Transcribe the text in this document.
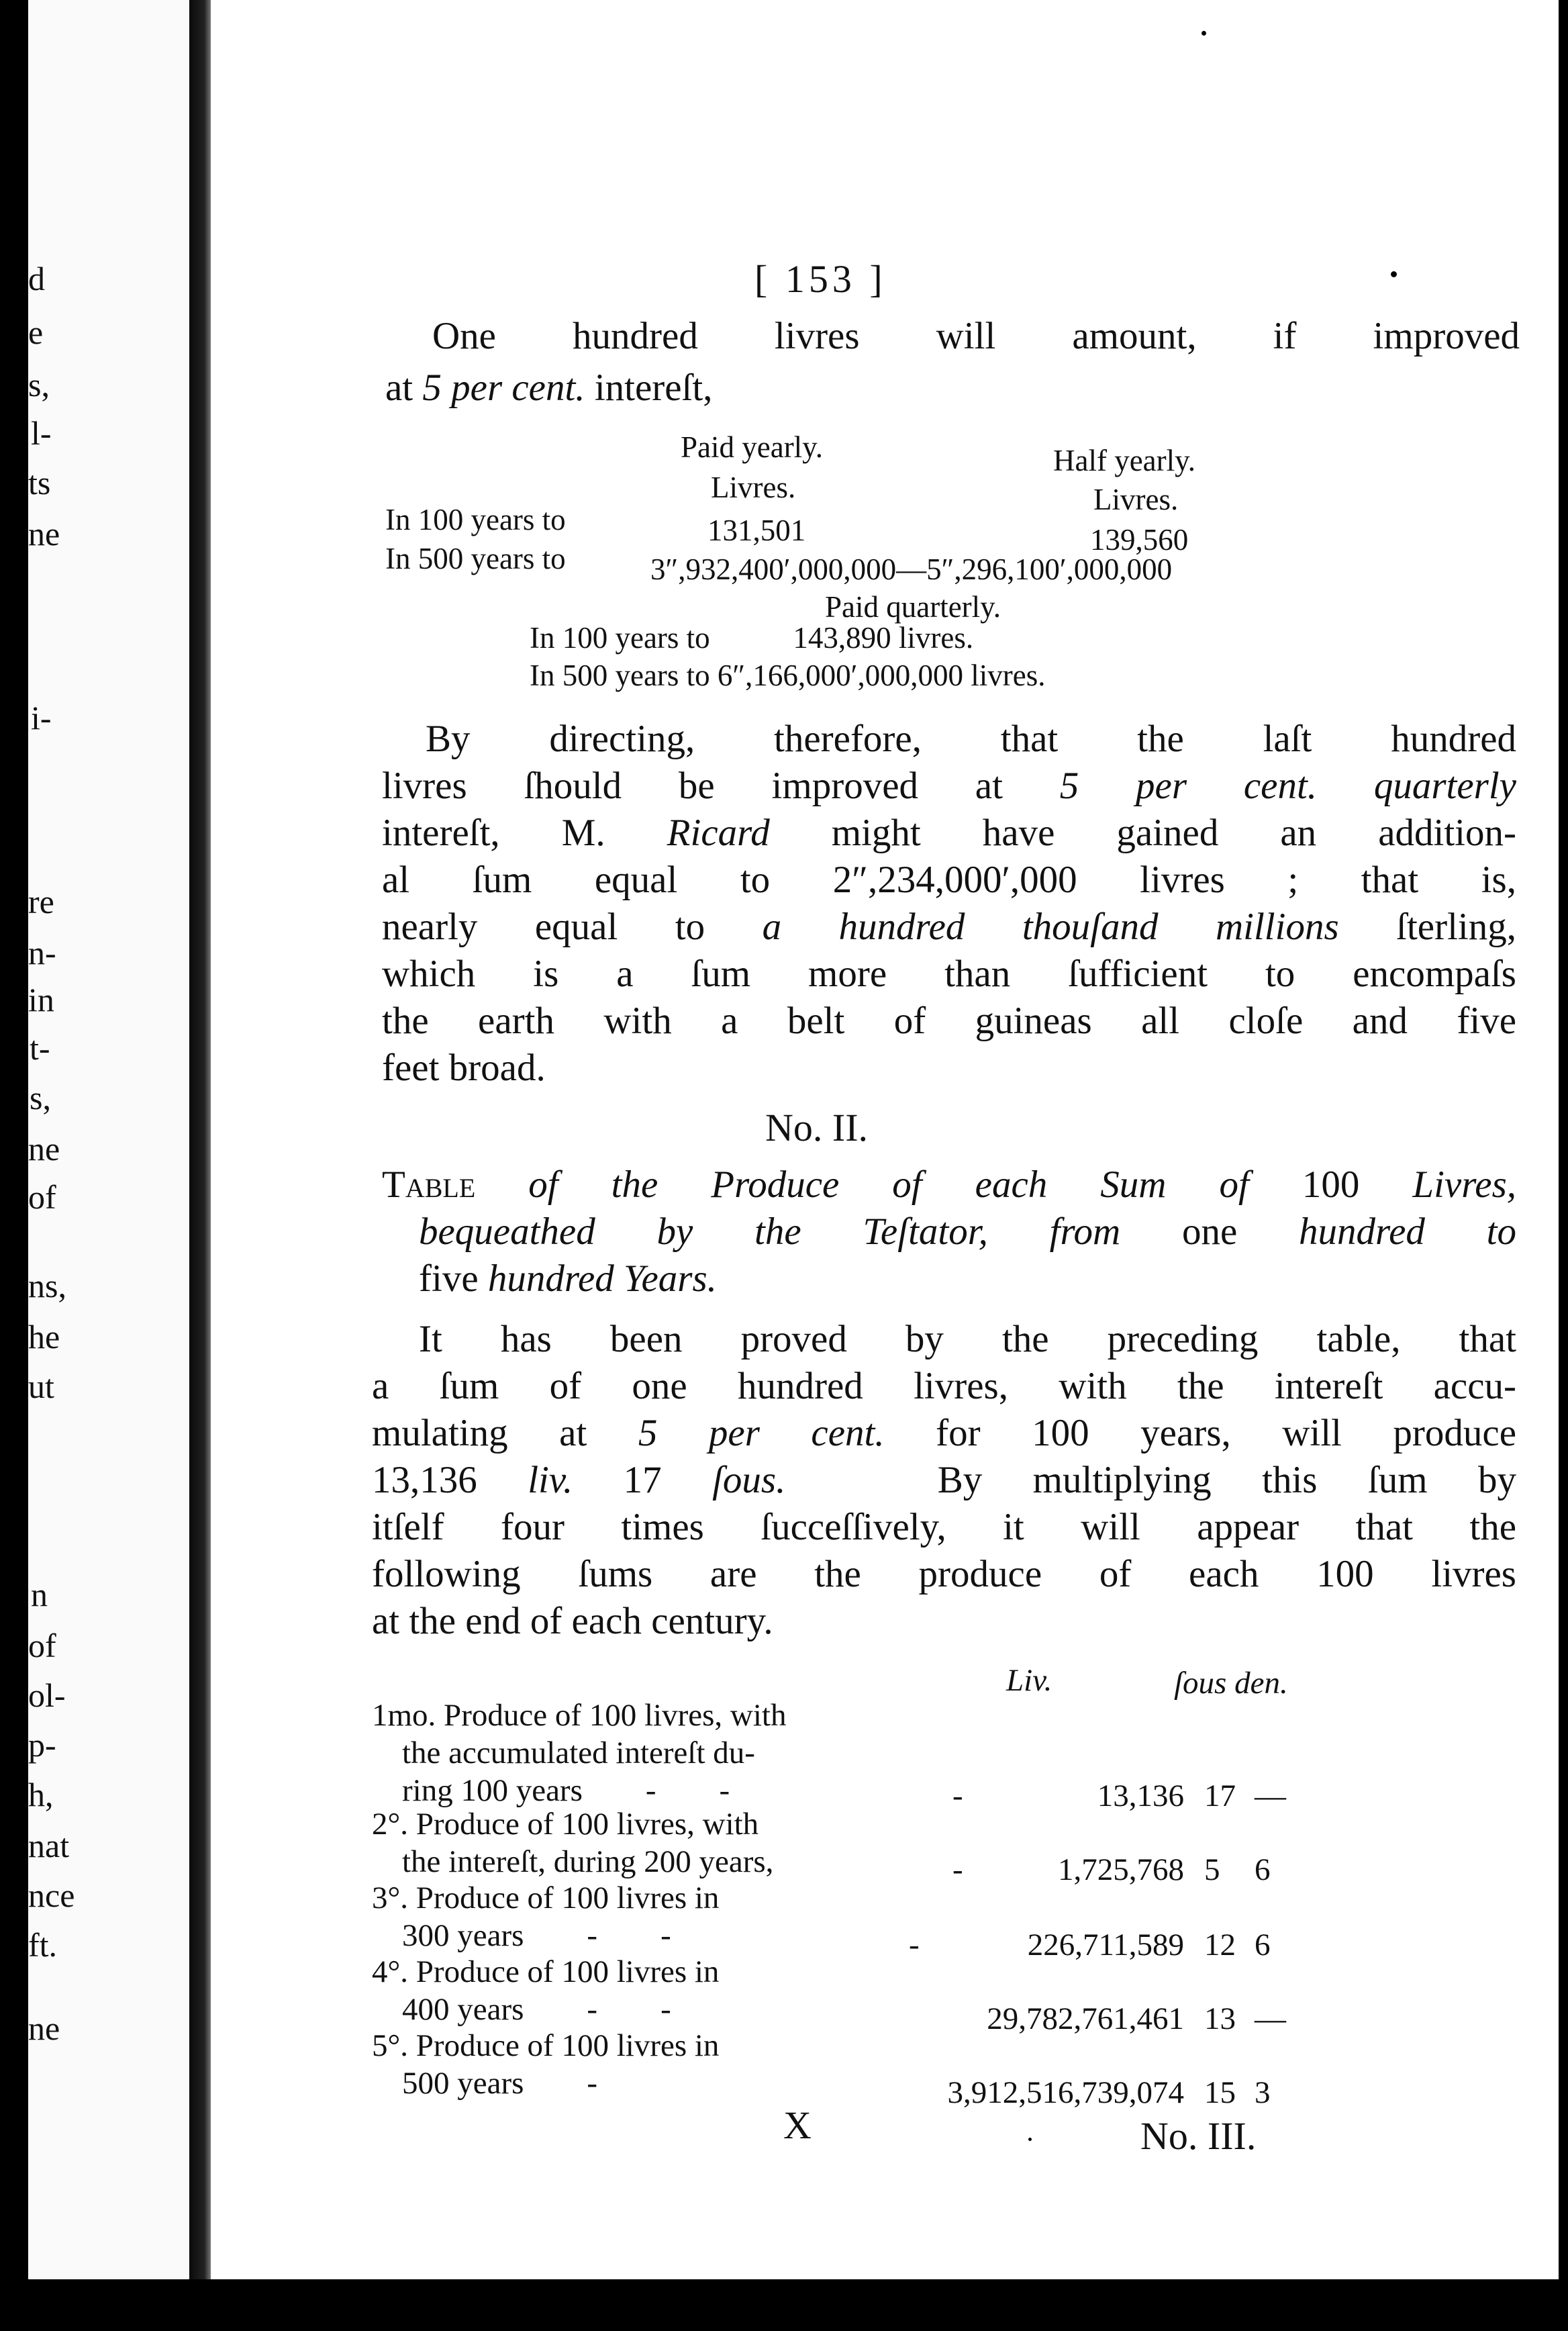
d
e
s,
l-
ts
ne
i-
re
n-
in
t-
s,
ne
of
ns,
he
ut
n
of
ol-
p-
h,
nat
nce
ft.
ne
[ 153 ]
One hundred livres will amount, if improved
at 5 per cent. intereſt,
Paid yearly.	Half yearly.
Livres.	Livres.
In 100 years to	131,501	139,560
In 500 years to	3″,932,400′,000,000—5″,296,100′,000,000
Paid quarterly.
In 100 years to           143,890 livres.
In 500 years to 6″,166,000′,000,000 livres.
By directing, therefore, that the laſt hundred
livres ſhould be improved at 5 per cent. quarterly
intereſt, M. Ricard might have gained an addition-
al ſum equal to 2″,234,000′,000 livres ; that is,
nearly equal to a hundred thouſand millions ſterling,
which is a ſum more than ſufficient to encompaſs
the earth with a belt of guineas all cloſe and five
feet broad.
No. II.
Table of the Produce of each Sum of 100 Livres,
bequeathed by the Teſtator, from one hundred to
five hundred Years.
It has been proved by the preceding table, that
a ſum of one hundred livres, with the intereſt accu-
mulating at 5 per cent. for 100 years, will produce
13,136 liv. 17 ſous.   By multiplying this ſum by
itſelf four times ſucceſſively, it will appear that the
following ſums are the produce of each 100 livres
at the end of each century.
Liv.	ſous den.
1mo. Produce of 100 livres, with
the accumulated intereſt du-
ring 100 years        -        -	-	13,136 17 —
2°. Produce of 100 livres, with
the intereſt, during 200 years,	-	1,725,768 5 6
3°. Produce of 100 livres in
300 years        -        -	-	226,711,589 12 6
4°. Produce of 100 livres in
400 years        -        -	29,782,761,461 13 —
5°. Produce of 100 livres in
500 years        -	3,912,516,739,074 15 3
X	No. III.
